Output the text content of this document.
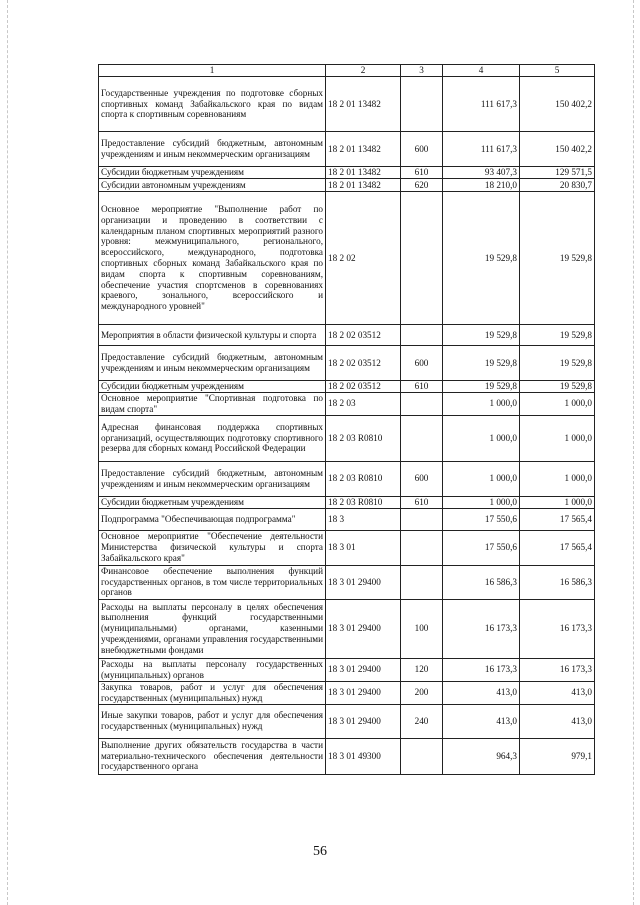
1	2	3	4	5
Государственные учреждения по подготовке сборных спортивных команд Забайкальского края по видам спорта к спортивным соревнованиям	18 2 01 13482		111 617,3	150 402,2
Предоставление субсидий бюджетным, автономным учреждениям и иным некоммерческим организациям	18 2 01 13482	600	111 617,3	150 402,2
Субсидии бюджетным учреждениям	18 2 01 13482	610	93 407,3	129 571,5
Субсидии автономным учреждениям	18 2 01 13482	620	18 210,0	20 830,7
Основное мероприятие "Выполнение работ по организации и проведению в соответствии с календарным планом спортивных мероприятий разного уровня: межмуниципального, регионального, всероссийского, международного, подготовка спортивных сборных команд Забайкальского края по видам спорта к спортивным соревнованиям, обеспечение участия спортсменов в соревнованиях краевого, зонального, всероссийского и международного уровней"	18 2 02		19 529,8	19 529,8
Мероприятия в области физической культуры и спорта	18 2 02 03512		19 529,8	19 529,8
Предоставление субсидий бюджетным, автономным учреждениям и иным некоммерческим организациям	18 2 02 03512	600	19 529,8	19 529,8
Субсидии бюджетным учреждениям	18 2 02 03512	610	19 529,8	19 529,8
Основное мероприятие "Спортивная подготовка по видам спорта"	18 2 03		1 000,0	1 000,0
Адресная финансовая поддержка спортивных организаций, осуществляющих подготовку спортивного резерва для сборных команд Российской Федерации	18 2 03 R0810		1 000,0	1 000,0
Предоставление субсидий бюджетным, автономным учреждениям и иным некоммерческим организациям	18 2 03 R0810	600	1 000,0	1 000,0
Субсидии бюджетным учреждениям	18 2 03 R0810	610	1 000,0	1 000,0
Подпрограмма "Обеспечивающая подпрограмма"	18 3		17 550,6	17 565,4
Основное мероприятие "Обеспечение деятельности Министерства физической культуры и спорта Забайкальского края"	18 3 01		17 550,6	17 565,4
Финансовое обеспечение выполнения функций государственных органов, в том числе территориальных органов	18 3 01 29400		16 586,3	16 586,3
Расходы на выплаты персоналу в целях обеспечения выполнения функций государственными (муниципальными) органами, казенными учреждениями, органами управления государственными внебюджетными фондами	18 3 01 29400	100	16 173,3	16 173,3
Расходы на выплаты персоналу государственных (муниципальных) органов	18 3 01 29400	120	16 173,3	16 173,3
Закупка товаров, работ и услуг для обеспечения государственных (муниципальных) нужд	18 3 01 29400	200	413,0	413,0
Иные закупки товаров, работ и услуг для обеспечения государственных (муниципальных) нужд	18 3 01 29400	240	413,0	413,0
Выполнение других обязательств государства в части материально-технического обеспечения деятельности государственного органа	18 3 01 49300		964,3	979,1
56
